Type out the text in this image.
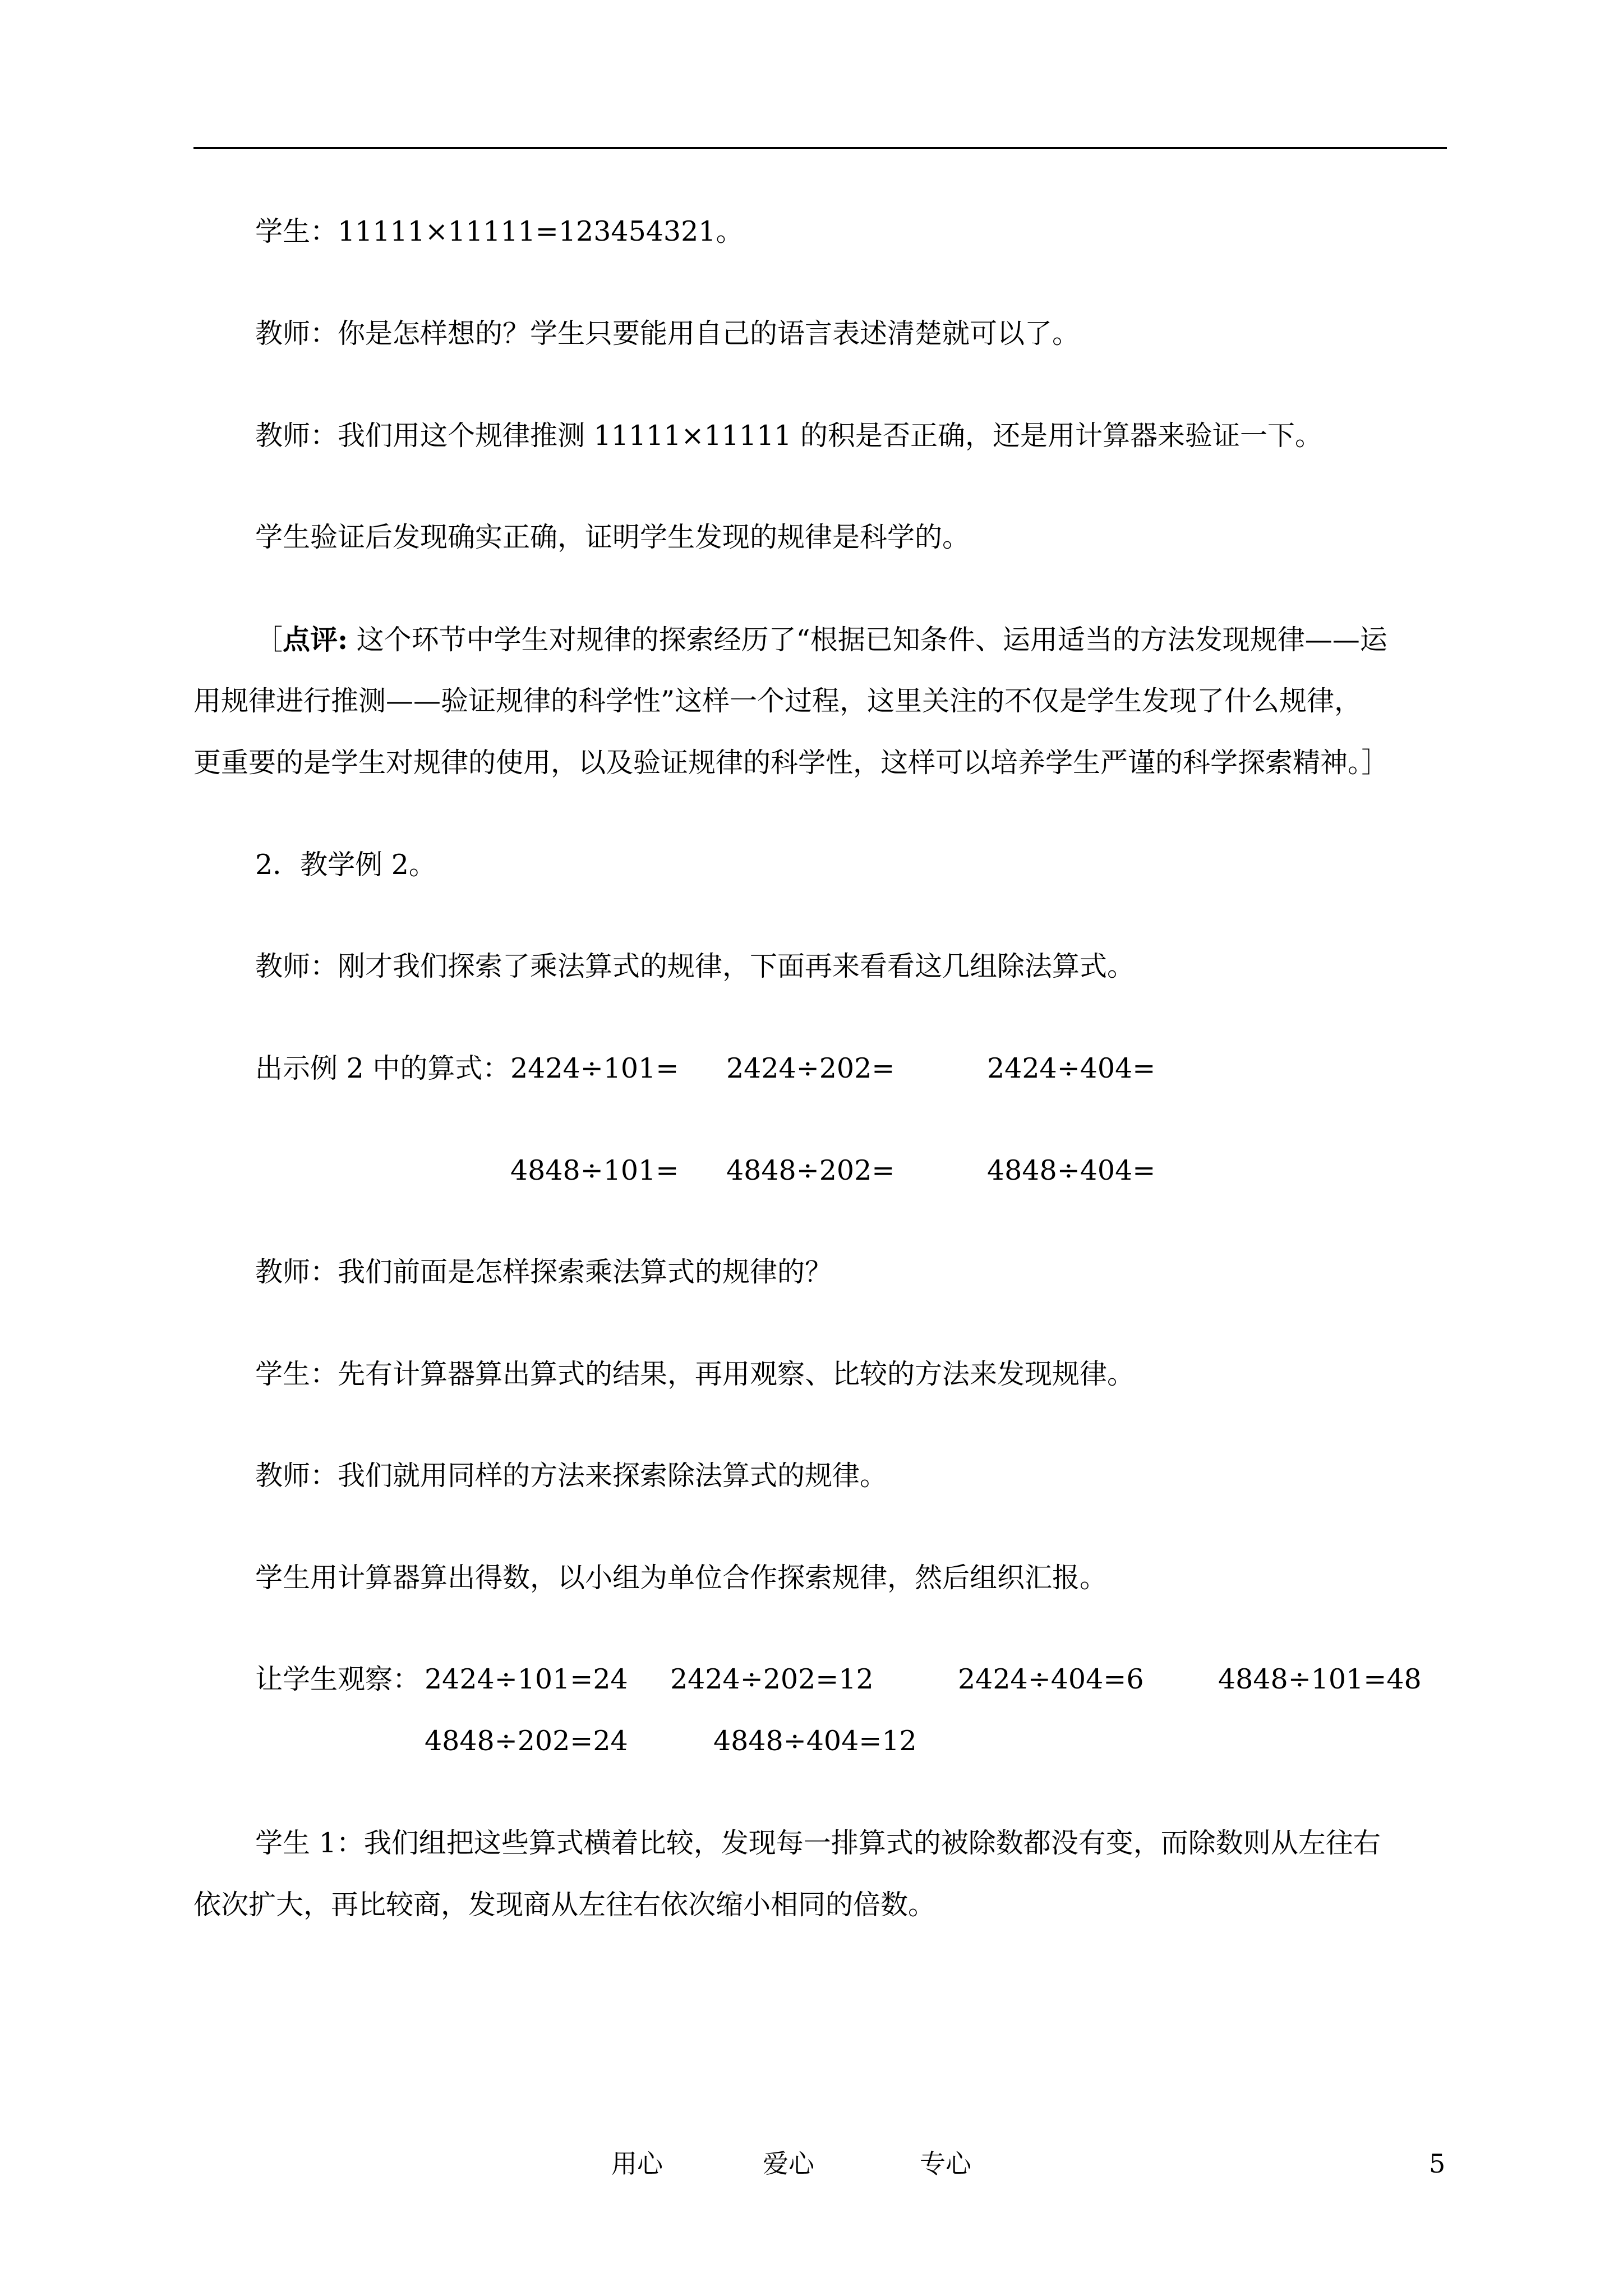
学生：11111×11111=123454321。
教师：你是怎样想的？学生只要能用自己的语言表述清楚就可以了。
教师：我们用这个规律推测 11111×11111 的积是否正确，还是用计算器来验证一下。
学生验证后发现确实正确，证明学生发现的规律是科学的。
［点评: 这个环节中学生对规律的探索经历了“根据已知条件、运用适当的方法发现规律——运
用规律进行推测——验证规律的科学性”这样一个过程，这里关注的不仅是学生发现了什么规律，
更重要的是学生对规律的使用，以及验证规律的科学性，这样可以培养学生严谨的科学探索精神。］
2．教学例 2。
教师：刚才我们探索了乘法算式的规律，下面再来看看这几组除法算式。
出示例 2 中的算式： 2424÷101= 2424÷202=	2424÷404=
4848÷101= 4848÷202=	4848÷404=
教师：我们前面是怎样探索乘法算式的规律的？
学生：先有计算器算出算式的结果，再用观察、比较的方法来发现规律。
教师：我们就用同样的方法来探索除法算式的规律。
学生用计算器算出得数，以小组为单位合作探索规律，然后组织汇报。
让学生观察： 2424÷101=24 2424÷202=12	2424÷404=6	4848÷101=48
4848÷202=24	4848÷404=12
学生 1：我们组把这些算式横着比较，发现每一排算式的被除数都没有变，而除数则从左往右
依次扩大，再比较商，发现商从左往右依次缩小相同的倍数。
用心	爱心	专心	5
